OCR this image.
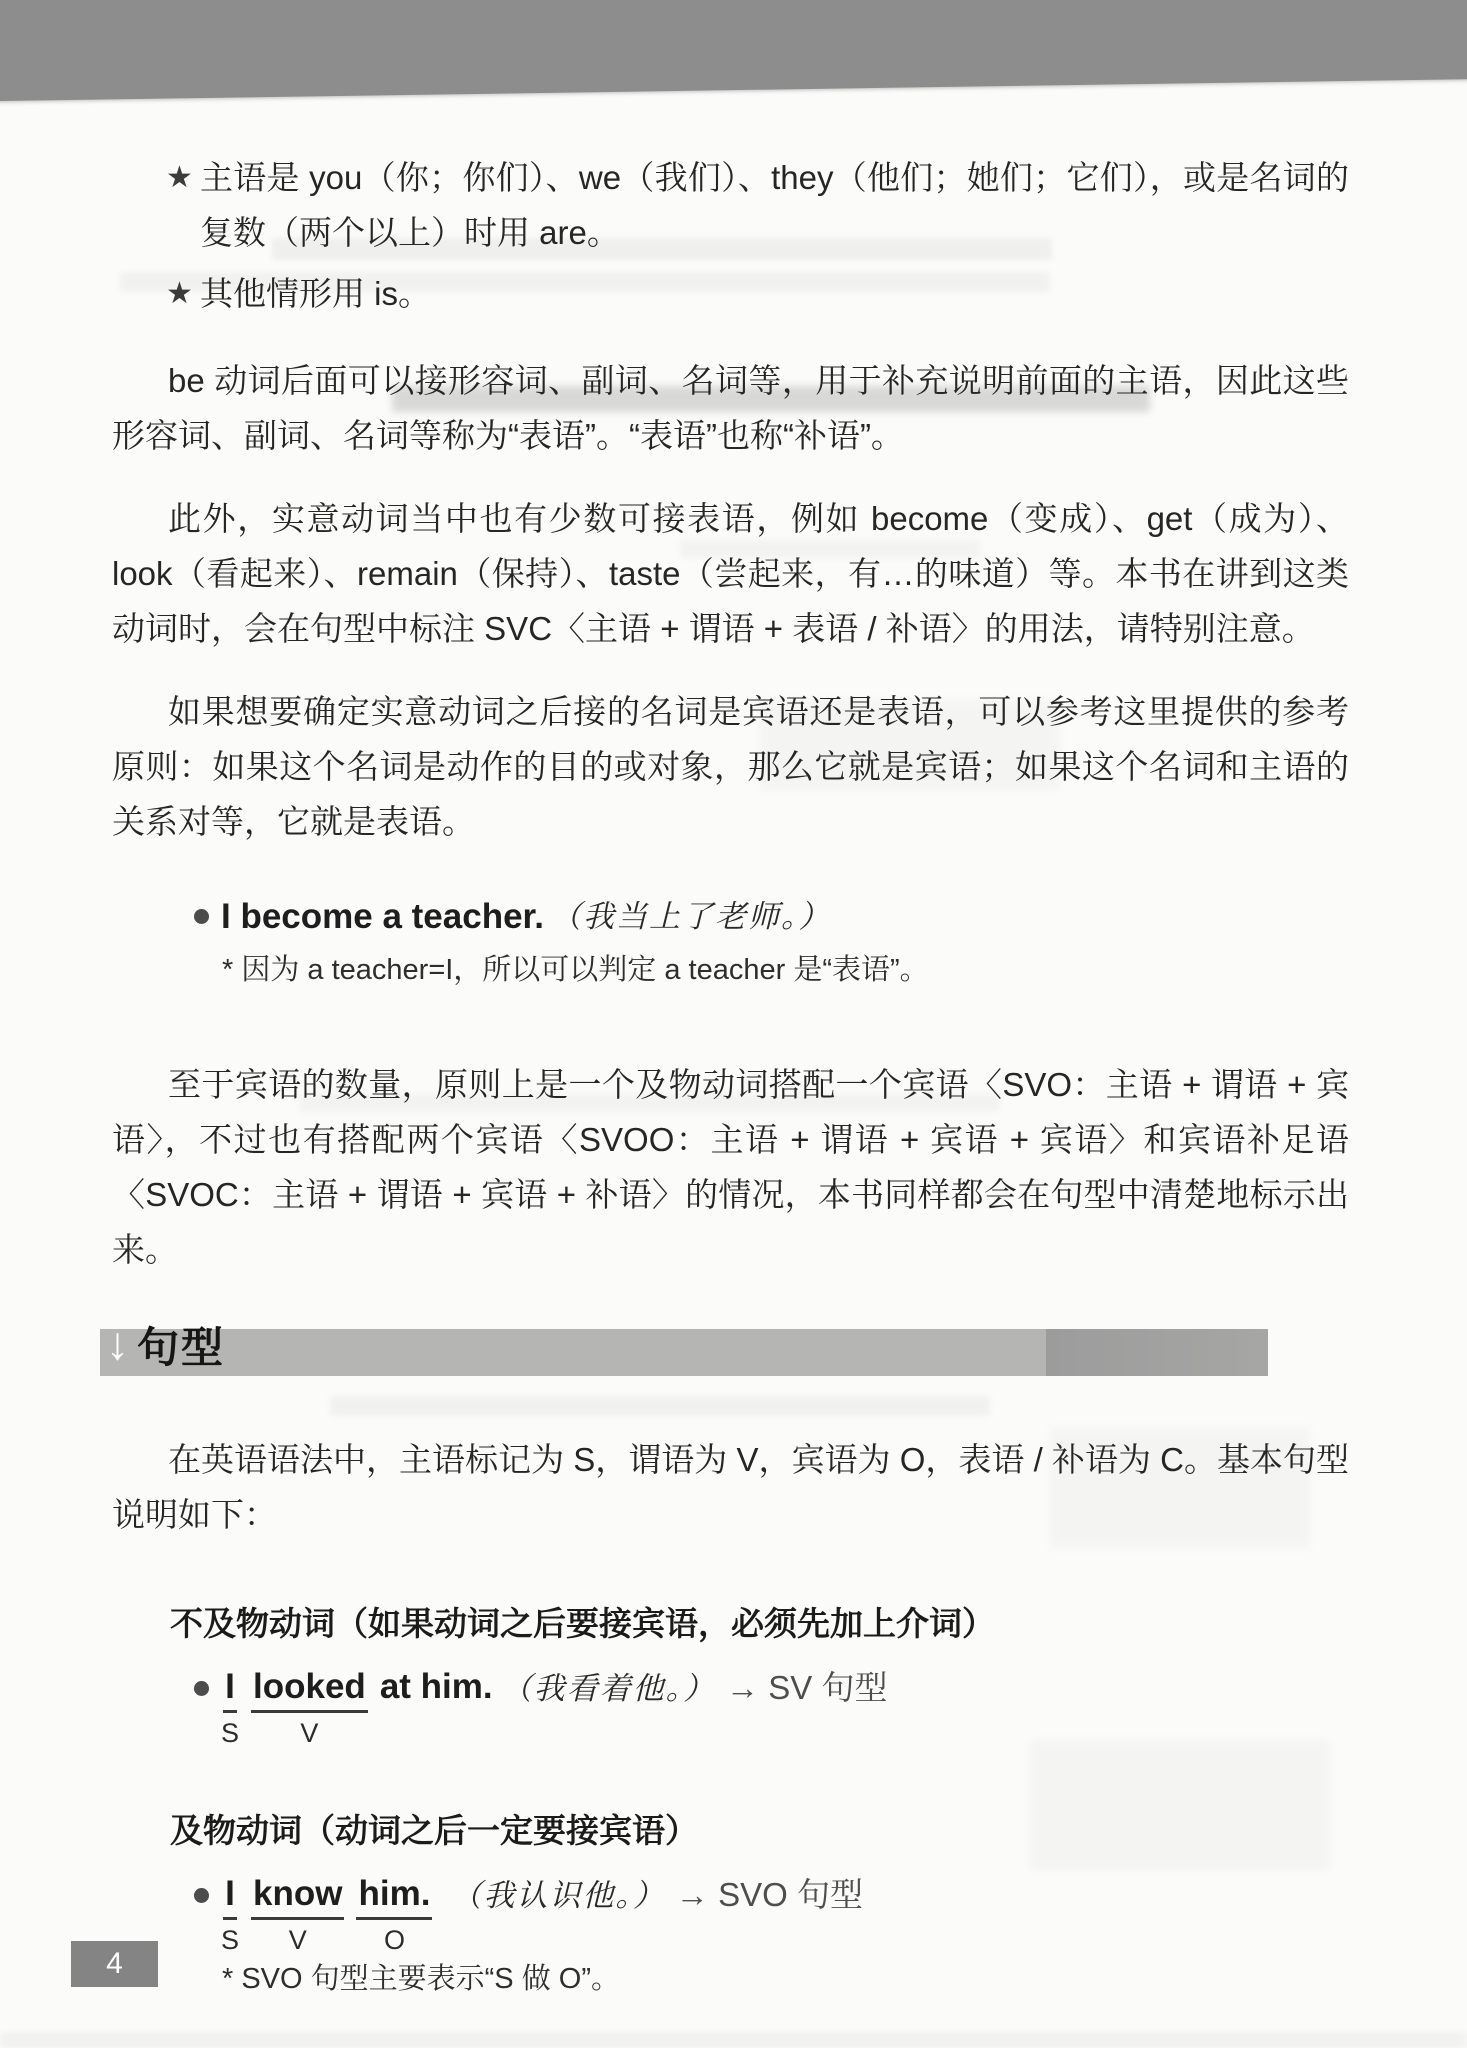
★ 主语是 you（你；你们）、we（我们）、they（他们；她们；它们），或是名词的复数（两个以上）时用 are。
★ 其他情形用 is。

be 动词后面可以接形容词、副词、名词等，用于补充说明前面的主语，因此这些形容词、副词、名词等称为“表语”。“表语”也称“补语”。

此外，实意动词当中也有少数可接表语，例如 become（变成）、get（成为）、look（看起来）、remain（保持）、taste（尝起来，有…的味道）等。本书在讲到这类动词时，会在句型中标注 SVC〈主语 + 谓语 + 表语 / 补语〉的用法，请特别注意。

如果想要确定实意动词之后接的名词是宾语还是表语，可以参考这里提供的参考原则：如果这个名词是动作的目的或对象，那么它就是宾语；如果这个名词和主语的关系对等，它就是表语。

I become a teacher. （我当上了老师。）
* 因为 a teacher=I，所以可以判定 a teacher 是“表语”。

至于宾语的数量，原则上是一个及物动词搭配一个宾语〈SVO：主语 + 谓语 + 宾语〉，不过也有搭配两个宾语〈SVOO：主语 + 谓语 + 宾语 + 宾语〉和宾语补足语〈SVOC：主语 + 谓语 + 宾语 + 补语〉的情况，本书同样都会在句型中清楚地标示出来。

↓ 句型

在英语语法中，主语标记为 S，谓语为 V，宾语为 O，表语 / 补语为 C。基本句型说明如下：

不及物动词（如果动词之后要接宾语，必须先加上介词）
I
S
looked
V
at him. （我看着他。） → SV 句型
及物动词（动词之后一定要接宾语）
I
S
know
V
him.
O
（我认识他。） → SVO 句型
* SVO 句型主要表示“S 做 O”。
4
